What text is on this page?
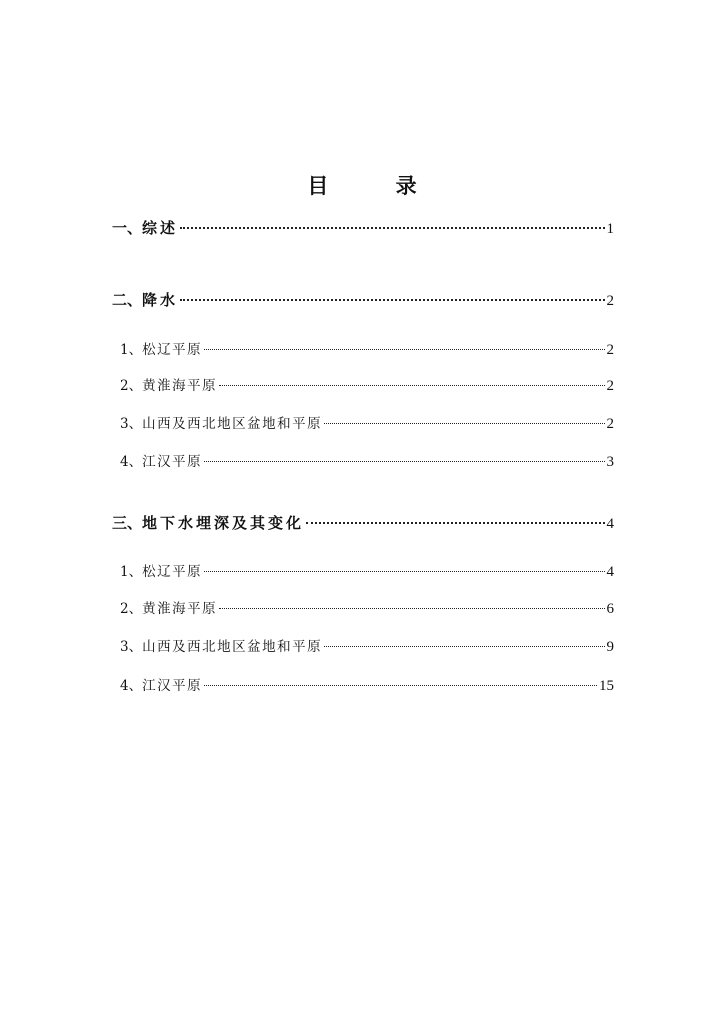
目 录
一、 综述	1
二、 降水	2
1、 松辽平原	2
2、 黄淮海平原	2
3、 山西及西北地区盆地和平原	2
4、 江汉平原	3
三、 地下水埋深及其变化	4
1、 松辽平原	4
2、 黄淮海平原	6
3、 山西及西北地区盆地和平原	9
4、 江汉平原	15
